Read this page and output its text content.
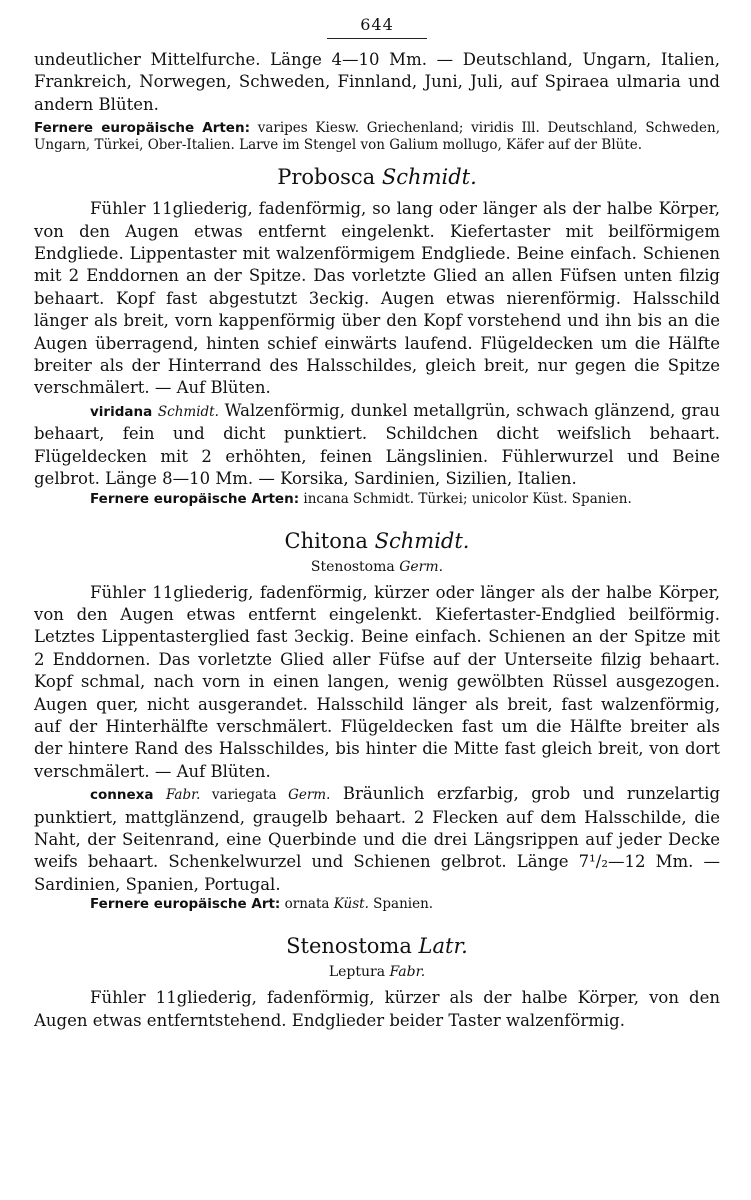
644

undeutlicher Mittelfurche. Länge 4—10 Mm. — Deutschland, Ungarn, Italien, Frankreich, Norwegen, Schweden, Finnland, Juni, Juli, auf Spiraea ulmaria und andern Blüten.

Fernere europäische Arten: varipes Kiesw. Griechenland; viridis Ill. Deutschland, Schweden, Ungarn, Türkei, Ober-Italien. Larve im Stengel von Galium mollugo, Käfer auf der Blüte.

Probosca Schmidt.

Fühler 11gliederig, fadenförmig, so lang oder länger als der halbe Körper, von den Augen etwas entfernt eingelenkt. Kiefertaster mit beilförmigem Endgliede. Lippentaster mit walzenförmigem Endgliede. Beine einfach. Schienen mit 2 Enddornen an der Spitze. Das vorletzte Glied an allen Füfsen unten filzig behaart. Kopf fast abgestutzt 3eckig. Augen etwas nierenförmig. Halsschild länger als breit, vorn kappenförmig über den Kopf vorstehend und ihn bis an die Augen überragend, hinten schief einwärts laufend. Flügeldecken um die Hälfte breiter als der Hinterrand des Halsschildes, gleich breit, nur gegen die Spitze verschmälert. — Auf Blüten.

viridana Schmidt. Walzenförmig, dunkel metallgrün, schwach glänzend, grau behaart, fein und dicht punktiert. Schildchen dicht weifslich behaart. Flügeldecken mit 2 erhöhten, feinen Längslinien. Fühlerwurzel und Beine gelbrot. Länge 8—10 Mm. — Korsika, Sardinien, Sizilien, Italien.

Fernere europäische Arten: incana Schmidt. Türkei; unicolor Küst. Spanien.

Chitona Schmidt.
Stenostoma Germ.

Fühler 11gliederig, fadenförmig, kürzer oder länger als der halbe Körper, von den Augen etwas entfernt eingelenkt. Kiefertaster-Endglied beilförmig. Letztes Lippentasterglied fast 3eckig. Beine einfach. Schienen an der Spitze mit 2 Enddornen. Das vorletzte Glied aller Füfse auf der Unterseite filzig behaart. Kopf schmal, nach vorn in einen langen, wenig gewölbten Rüssel ausgezogen. Augen quer, nicht ausgerandet. Halsschild länger als breit, fast walzenförmig, auf der Hinterhälfte verschmälert. Flügeldecken fast um die Hälfte breiter als der hintere Rand des Halsschildes, bis hinter die Mitte fast gleich breit, von dort verschmälert. — Auf Blüten.

connexa Fabr. variegata Germ. Bräunlich erzfarbig, grob und runzelartig punktiert, mattglänzend, graugelb behaart. 2 Flecken auf dem Halsschilde, die Naht, der Seitenrand, eine Querbinde und die drei Längsrippen auf jeder Decke weifs behaart. Schenkelwurzel und Schienen gelbrot. Länge 7¹/₂—12 Mm. — Sardinien, Spanien, Portugal.

Fernere europäische Art: ornata Küst. Spanien.

Stenostoma Latr.
Leptura Fabr.

Fühler 11gliederig, fadenförmig, kürzer als der halbe Körper, von den Augen etwas entferntstehend. Endglieder beider Taster walzenförmig.
